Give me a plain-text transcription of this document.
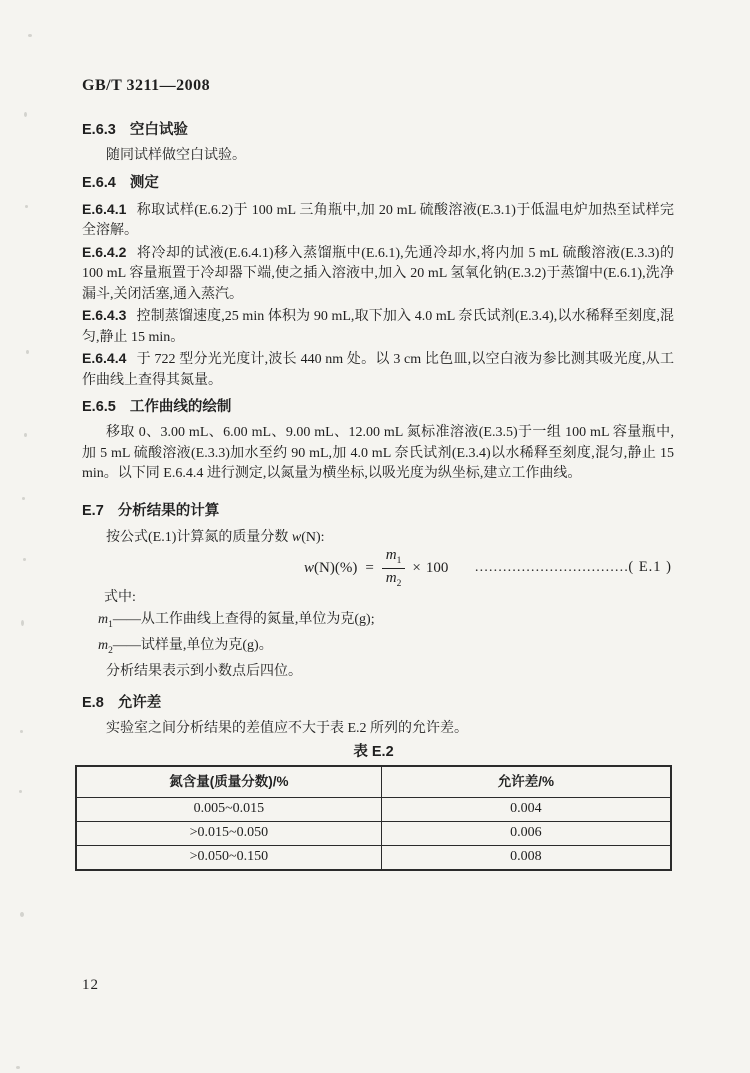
GB/T 3211—2008
E.6.3 空白试验

随同试样做空白试验。

E.6.4 测定

E.6.4.1 称取试样(E.6.2)于 100 mL 三角瓶中,加 20 mL 硫酸溶液(E.3.1)于低温电炉加热至试样完全溶解。

E.6.4.2 将冷却的试液(E.6.4.1)移入蒸馏瓶中(E.6.1),先通冷却水,将内加 5 mL 硫酸溶液(E.3.3)的 100 mL 容量瓶置于冷却器下端,使之插入溶液中,加入 20 mL 氢氧化钠(E.3.2)于蒸馏中(E.6.1),洗净漏斗,关闭活塞,通入蒸汽。

E.6.4.3 控制蒸馏速度,25 min 体积为 90 mL,取下加入 4.0 mL 奈氏试剂(E.3.4),以水稀释至刻度,混匀,静止 15 min。

E.6.4.4 于 722 型分光光度计,波长 440 nm 处。以 3 cm 比色皿,以空白液为参比测其吸光度,从工作曲线上查得其氮量。

E.6.5 工作曲线的绘制

移取 0、3.00 mL、6.00 mL、9.00 mL、12.00 mL 氮标准溶液(E.3.5)于一组 100 mL 容量瓶中,加 5 mL 硫酸溶液(E.3.3)加水至约 90 mL,加 4.0 mL 奈氏试剂(E.3.4)以水稀释至刻度,混匀,静止 15 min。以下同 E.6.4.4 进行测定,以氮量为横坐标,以吸光度为纵坐标,建立工作曲线。

E.7 分析结果的计算

按公式(E.1)计算氮的质量分数 w(N):

$w(N)(\%) = \frac{m_1}{m_2} \times 100$ ……………………………( E.1 )

式中:

$m_1——$从工作曲线上查得的氮量,单位为克(g);

$m_2——$试样量,单位为克(g)。

分析结果表示到小数点后四位。

E.8 允许差

实验室之间分析结果的差值应不大于表 E.2 所列的允许差。

表 E.2
氮含量(质量分数)/%	允许差/%
0.005~0.015	0.004
>0.015~0.050	0.006
>0.050~0.150	0.008
12
